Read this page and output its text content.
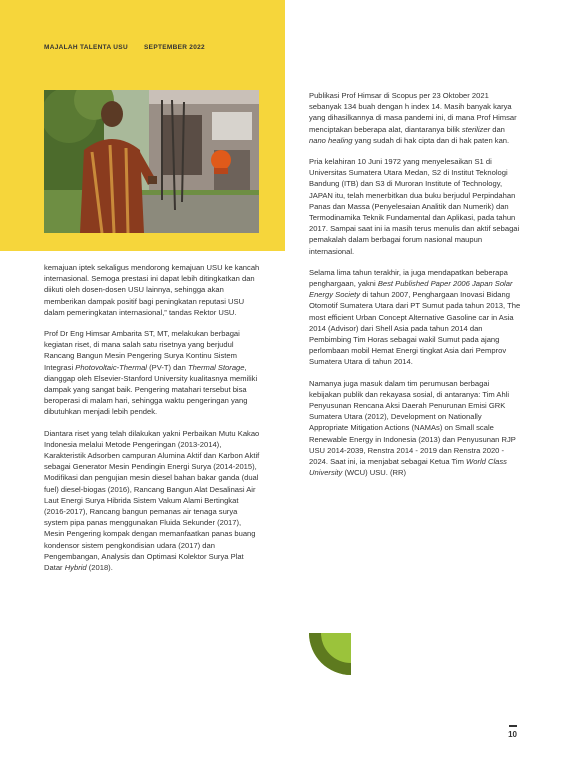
MAJALAH TALENTA USU SEPTEMBER 2022

kemajuan iptek sekaligus mendorong kemajuan USU ke kancah internasional. Semoga prestasi ini dapat lebih ditingkatkan dan diikuti oleh dosen-dosen USU lainnya, sehingga akan memberikan dampak positif bagi peningkatan reputasi USU dalam pemeringkatan internasional,” tandas Rektor USU.

Prof Dr Eng Himsar Ambarita ST, MT, melakukan berbagai kegiatan riset, di mana salah satu risetnya yang berjudul Rancang Bangun Mesin Pengering Surya Kontinu Sistem Integrasi Photovoltaic-Thermal (PV-T) dan Thermal Storage, dianggap oleh Elsevier-Stanford University kualitasnya memiliki dampak yang sangat baik. Pengering matahari tersebut bisa beroperasi di malam hari, sehingga waktu pengeringan yang dibutuhkan menjadi lebih pendek.

Diantara riset yang telah dilakukan yakni Perbaikan Mutu Kakao Indonesia melalui Metode Pengeringan (2013-2014), Karakteristik Adsorben campuran Alumina Aktif dan Karbon Aktif sebagai Generator Mesin Pendingin Energi Surya (2014-2015), Modifikasi dan pengujian mesin diesel bahan bakar ganda (dual fuel) diesel-biogas (2016), Rancang Bangun Alat Desalinasi Air Laut Energi Surya Hibrida Sistem Vakum Alami Bertingkat (2016-2017), Rancang bangun pemanas air tenaga surya system pipa panas menggunakan Fluida Sekunder (2017), Mesin Pengering kompak dengan memanfaatkan panas buang kondensor sistem pengkondisian udara (2017) dan Pengembangan, Analysis dan Optimasi Kolektor Surya Plat Datar Hybrid (2018).

Publikasi Prof Himsar di Scopus per 23 Oktober 2021 sebanyak 134 buah dengan h index 14. Masih banyak karya yang dihasilkannya di masa pandemi ini, di mana Prof Himsar menciptakan beberapa alat, diantaranya bilik sterilizer dan nano healing yang sudah di hak cipta dan di hak paten kan.

Pria kelahiran 10 Juni 1972 yang menyelesaikan S1 di Universitas Sumatera Utara Medan, S2 di Institut Teknologi Bandung (ITB) dan S3 di Muroran Institute of Technology, JAPAN itu, telah menerbitkan dua buku berjudul Perpindahan Panas dan Massa (Penyelesaian Analitik dan Numerik) dan Termodinamika Teknik Fundamental dan Aplikasi, pada tahun 2017. Sampai saat ini ia masih terus menulis dan aktif sebagai pemakalah dalam berbagai forum nasional maupun internasional.

Selama lima tahun terakhir, ia juga mendapatkan beberapa penghargaan, yakni Best Published Paper 2006 Japan Solar Energy Society di tahun 2007, Penghargaan Inovasi Bidang Otomotif Sumatera Utara dari PT Sumut pada tahun 2013, The most efficient Urban Concept Alternative Gasoline car in Asia 2014 (Advisor) dari Shell Asia pada tahun 2014 dan Pembimbing Tim Horas sebagai wakil Sumut pada ajang perlombaan mobil Hemat Energi tingkat Asia dari Pemprov Sumatera Utara di tahun 2014.

Namanya juga masuk dalam tim perumusan berbagai kebijakan publik dan rekayasa sosial, di antaranya: Tim Ahli Penyusunan Rencana Aksi Daerah Penurunan Emisi GRK Sumatera Utara (2012), Development on Nationally Appropriate Mitigation Actions (NAMAs) on Small scale Renewable Energy in Indonesia (2013) dan Penyusunan RJP USU 2014-2039, Renstra 2014 - 2019 dan Renstra 2020 - 2024. Saat ini, ia menjabat sebagai Ketua Tim World Class University (WCU) USU. (RR)

10
